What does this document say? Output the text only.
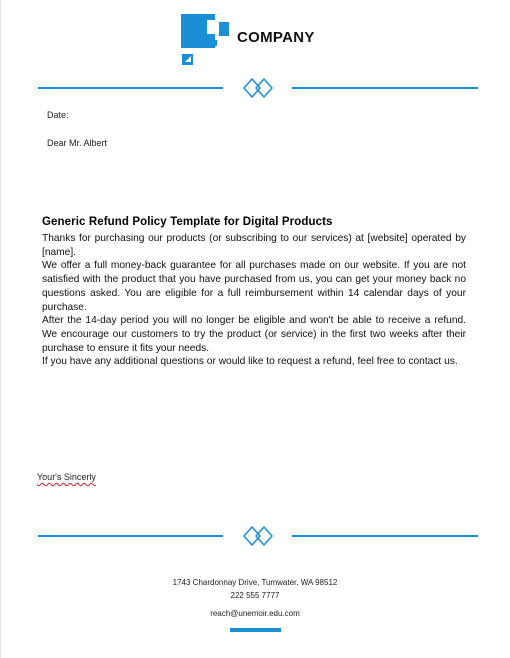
COMPANY
Date:
Dear Mr. Albert
Generic Refund Policy Template for Digital Products

Thanks for purchasing our products (or subscribing to our services) at [website] operated by [name].

We offer a full money-back guarantee for all purchases made on our website. If you are not satisfied with the product that you have purchased from us, you can get your money back no questions asked. You are eligible for a full reimbursement within 14 calendar days of your purchase.

After the 14-day period you will no longer be eligible and won't be able to receive a refund. We encourage our customers to try the product (or service) in the first two weeks after their purchase to ensure it fits your needs.

If you have any additional questions or would like to request a refund, feel free to contact us.

Your's Sincerly
1743 Chardonnay Drive, Tumwater, WA 98512
222 555 7777
reach@unemoir.edu.com
